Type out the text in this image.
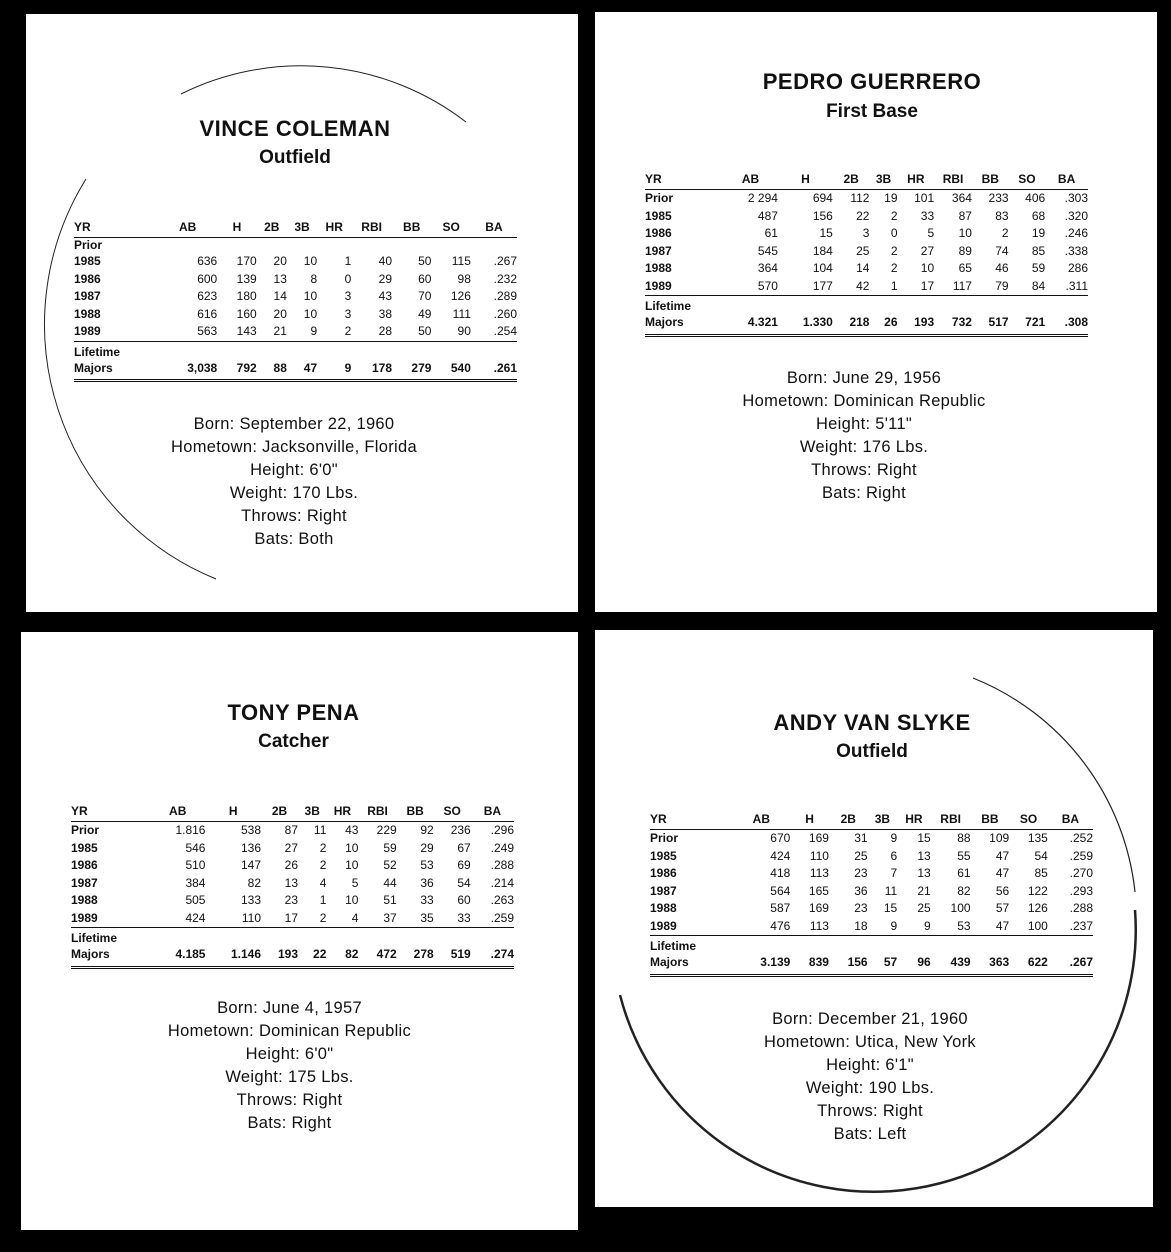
VINCE COLEMAN
Outfield
YR	AB	H	2B	3B	HR	RBI	BB	SO	BA
Prior									
1985	636	170	20	10	1	40	50	115	.267
1986	600	139	13	8	0	29	60	98	.232
1987	623	180	14	10	3	43	70	126	.289
1988	616	160	20	10	3	38	49	111	.260
1989	563	143	21	9	2	28	50	90	.254
Lifetime									
Majors	3,038	792	88	47	9	178	279	540	.261
Born: September 22, 1960
Hometown: Jacksonville, Florida
Height: 6'0"
Weight: 170 Lbs.
Throws: Right
Bats: Both
PEDRO GUERRERO
First Base
YR	AB	H	2B	3B	HR	RBI	BB	SO	BA
Prior	2 294	694	112	19	101	364	233	406	.303
1985	487	156	22	2	33	87	83	68	.320
1986	61	15	3	0	5	10	2	19	.246
1987	545	184	25	2	27	89	74	85	.338
1988	364	104	14	2	10	65	46	59	286
1989	570	177	42	1	17	117	79	84	.311
Lifetime									
Majors	4.321	1.330	218	26	193	732	517	721	.308
Born: June 29, 1956
Hometown: Dominican Republic
Height: 5'11"
Weight: 176 Lbs.
Throws: Right
Bats: Right
TONY PENA
Catcher
YR	AB	H	2B	3B	HR	RBI	BB	SO	BA
Prior	1.816	538	87	11	43	229	92	236	.296
1985	546	136	27	2	10	59	29	67	.249
1986	510	147	26	2	10	52	53	69	.288
1987	384	82	13	4	5	44	36	54	.214
1988	505	133	23	1	10	51	33	60	.263
1989	424	110	17	2	4	37	35	33	.259
Lifetime									
Majors	4.185	1.146	193	22	82	472	278	519	.274
Born: June 4, 1957
Hometown: Dominican Republic
Height: 6'0"
Weight: 175 Lbs.
Throws: Right
Bats: Right
ANDY VAN SLYKE
Outfield
YR	AB	H	2B	3B	HR	RBI	BB	SO	BA
Prior	670	169	31	9	15	88	109	135	.252
1985	424	110	25	6	13	55	47	54	.259
1986	418	113	23	7	13	61	47	85	.270
1987	564	165	36	11	21	82	56	122	.293
1988	587	169	23	15	25	100	57	126	.288
1989	476	113	18	9	9	53	47	100	.237
Lifetime									
Majors	3.139	839	156	57	96	439	363	622	.267
Born: December 21, 1960
Hometown: Utica, New York
Height: 6'1"
Weight: 190 Lbs.
Throws: Right
Bats: Left
